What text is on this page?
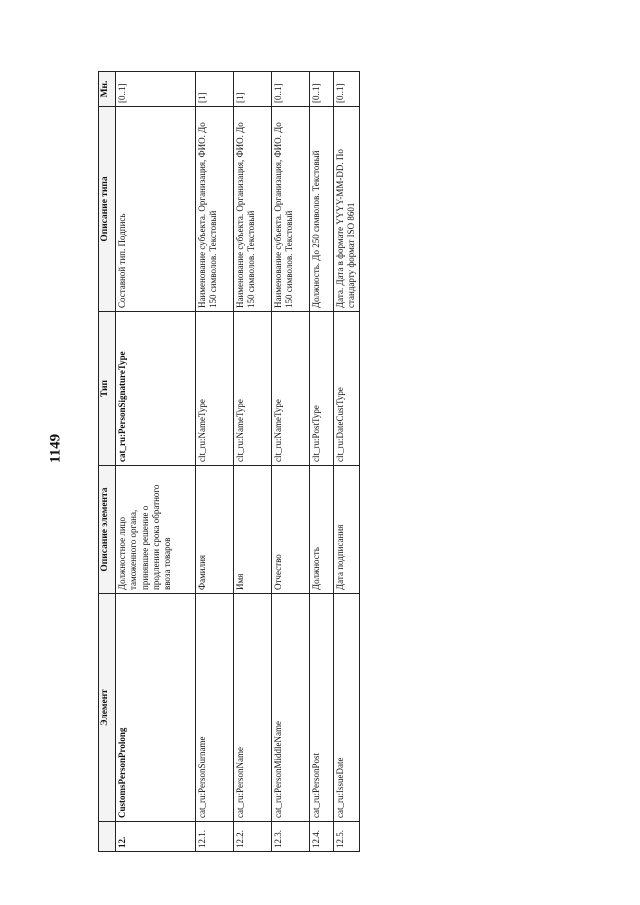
1149
	Элемент	Описание элемента	Тип	Описание типа	Мн.
12.	CustomsPersonProlong	Должностное лицо таможенного органа, принявшее решение о продлении срока обратного ввоза товаров	cat_ru:PersonSignatureType	Составной тип. Подпись	[0..1]
12.1.	cat_ru:PersonSurname	Фамилия	clt_ru:NameType	Наименование субъекта. Организация, ФИО. До 150 символов. Текстовый	[1]
12.2.	cat_ru:PersonName	Имя	clt_ru:NameType	Наименование субъекта. Организация, ФИО. До 150 символов. Текстовый	[1]
12.3.	cat_ru:PersonMiddleName	Отчество	clt_ru:NameType	Наименование субъекта. Организация, ФИО. До 150 символов. Текстовый	[0..1]
12.4.	cat_ru:PersonPost	Должность	clt_ru:PostType	Должность. До 250 символов. Текстовый	[0..1]
12.5.	cat_ru:IssueDate	Дата подписания	clt_ru:DateCustType	Дата. Дата в формате YYYY-MM-DD. По стандарту формат ISO 8601	[0..1]
